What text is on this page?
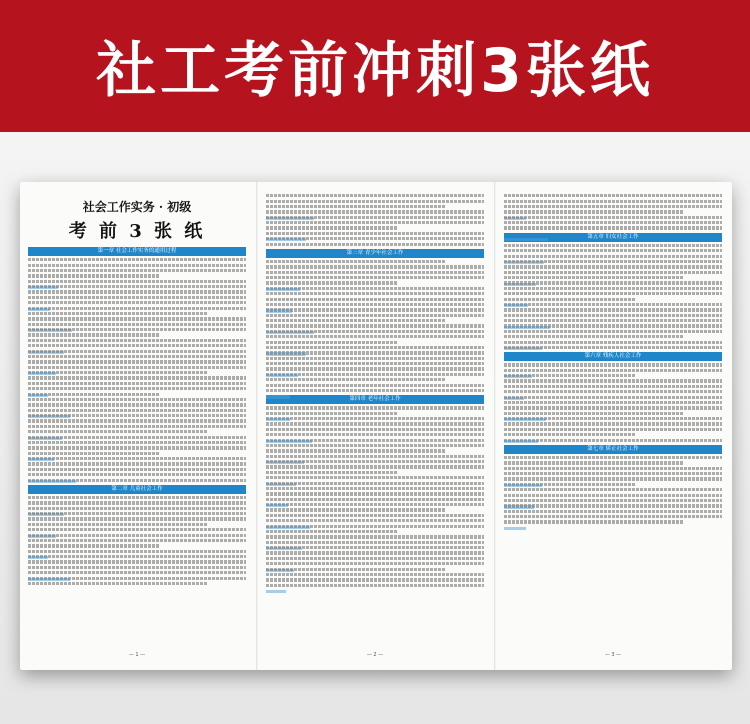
社工考前冲刺3张纸
社会工作实务 · 初级
考 前 3 张 纸
第一章 社会工作实务的通用过程
第二章 儿童社会工作
— 1 —
第三章 青少年社会工作
第四章 老年社会工作
— 2 —
第五章 妇女社会工作
第六章 残疾人社会工作
第七章 矫正社会工作
— 3 —
